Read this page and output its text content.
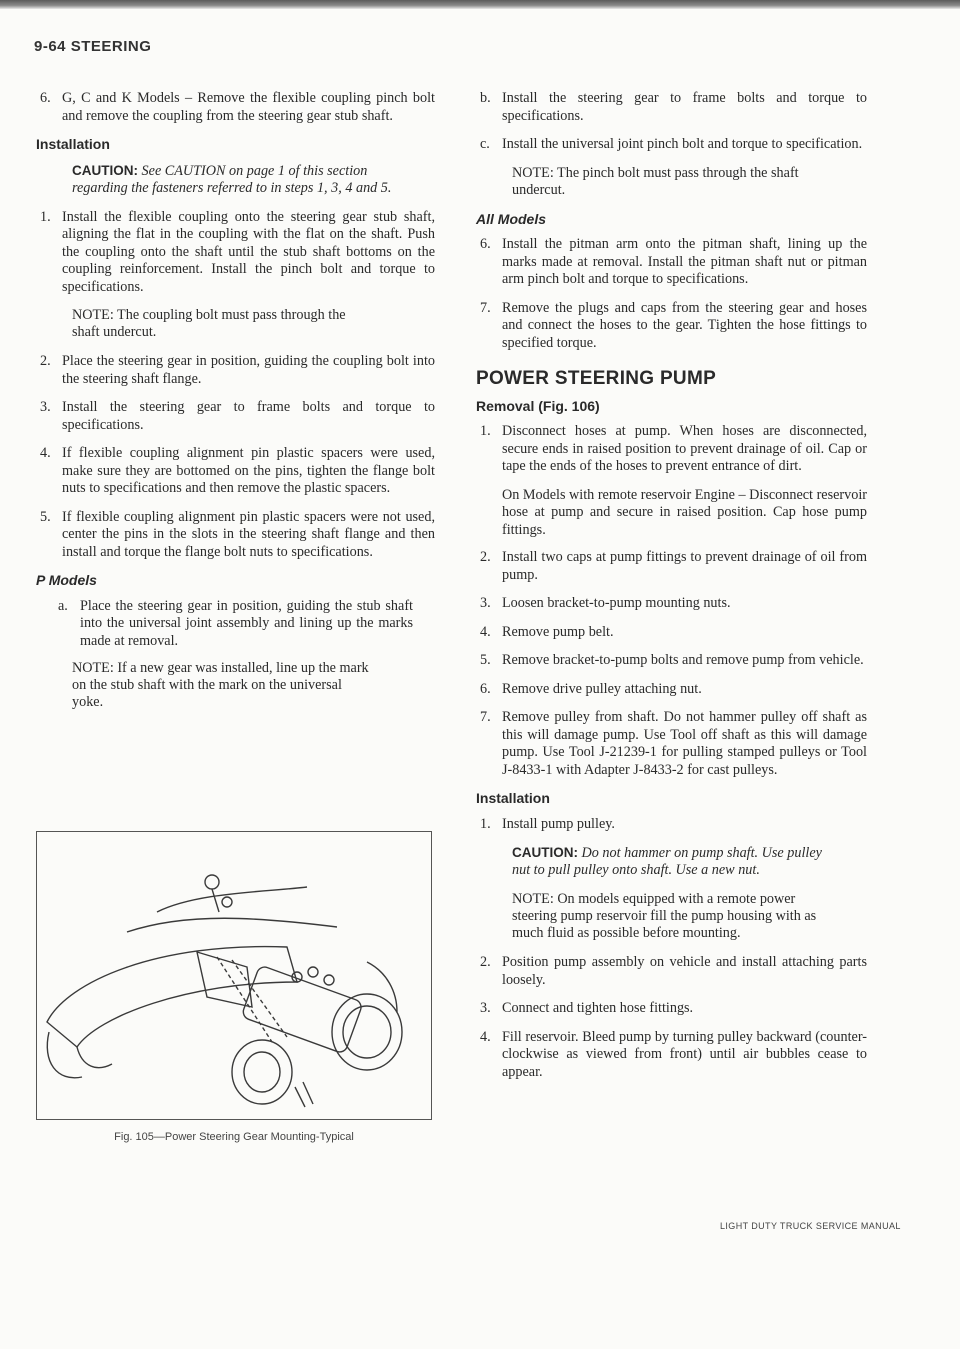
9-64 STEERING
6. G, C and K Models – Remove the flexible coupling pinch bolt and remove the coupling from the steering gear stub shaft.
Installation
CAUTION: See CAUTION on page 1 of this section regarding the fasteners referred to in steps 1, 3, 4 and 5.
1. Install the flexible coupling onto the steering gear stub shaft, aligning the flat in the coupling with the flat on the shaft. Push the coupling onto the shaft until the stub shaft bottoms on the coupling reinforcement. Install the pinch bolt and torque to specifications.
NOTE: The coupling bolt must pass through the shaft undercut.
2. Place the steering gear in position, guiding the coupling bolt into the steering shaft flange.
3. Install the steering gear to frame bolts and torque to specifications.
4. If flexible coupling alignment pin plastic spacers were used, make sure they are bottomed on the pins, tighten the flange bolt nuts to specifications and then remove the plastic spacers.
5. If flexible coupling alignment pin plastic spacers were not used, center the pins in the slots in the steering shaft flange and then install and torque the flange bolt nuts to specifications.
P Models
a. Place the steering gear in position, guiding the stub shaft into the universal joint assembly and lining up the marks made at removal.
NOTE: If a new gear was installed, line up the mark on the stub shaft with the mark on the universal yoke.
Fig. 105—Power Steering Gear Mounting-Typical
b. Install the steering gear to frame bolts and torque to specifications.
c. Install the universal joint pinch bolt and torque to specification.
NOTE: The pinch bolt must pass through the shaft undercut.
All Models
6. Install the pitman arm onto the pitman shaft, lining up the marks made at removal. Install the pitman shaft nut or pitman arm pinch bolt and torque to specifications.
7. Remove the plugs and caps from the steering gear and hoses and connect the hoses to the gear. Tighten the hose fittings to specified torque.
POWER STEERING PUMP
Removal (Fig. 106)
1. Disconnect hoses at pump. When hoses are disconnected, secure ends in raised position to prevent drainage of oil. Cap or tape the ends of the hoses to prevent entrance of dirt.
On Models with remote reservoir Engine – Disconnect reservoir hose at pump and secure in raised position. Cap hose pump fittings.
2. Install two caps at pump fittings to prevent drainage of oil from pump.
3. Loosen bracket-to-pump mounting nuts.
4. Remove pump belt.
5. Remove bracket-to-pump bolts and remove pump from vehicle.
6. Remove drive pulley attaching nut.
7. Remove pulley from shaft. Do not hammer pulley off shaft as this will damage pump. Use Tool off shaft as this will damage pump. Use Tool J-21239-1 for pulling stamped pulleys or Tool J-8433-1 with Adapter J-8433-2 for cast pulleys.
Installation
1. Install pump pulley.
CAUTION: Do not hammer on pump shaft. Use pulley nut to pull pulley onto shaft. Use a new nut.
NOTE: On models equipped with a remote power steering pump reservoir fill the pump housing with as much fluid as possible before mounting.
2. Position pump assembly on vehicle and install attaching parts loosely.
3. Connect and tighten hose fittings.
4. Fill reservoir. Bleed pump by turning pulley backward (counter-clockwise as viewed from front) until air bubbles cease to appear.
LIGHT DUTY TRUCK SERVICE MANUAL
